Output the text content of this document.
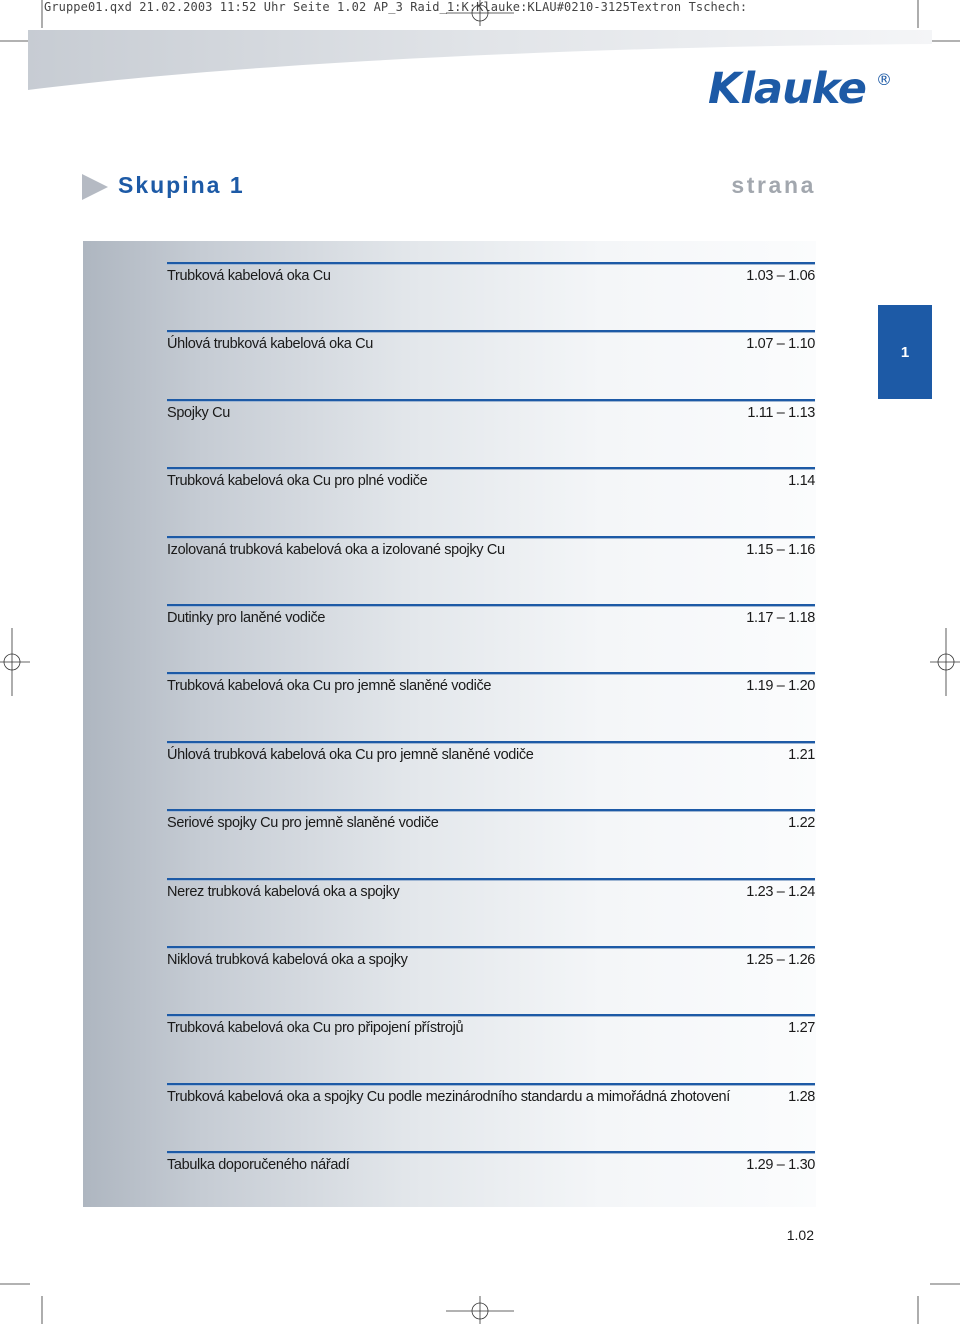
Gruppe01.qxd 21.02.2003 11:52 Uhr Seite 1.02 AP_3 Raid_1:K:Klauke:KLAU#0210-3125Textron Tschech:
Klauke ®
Skupina 1	strana
Trubková kabelová oka Cu	1.03 – 1.06
Úhlová trubková kabelová oka Cu	1.07 – 1.10
Spojky Cu	1.11 – 1.13
Trubková kabelová oka Cu pro plné vodiče	1.14
Izolovaná trubková kabelová oka a izolované spojky Cu	1.15 – 1.16
Dutinky pro laněné vodiče	1.17 – 1.18
Trubková kabelová oka Cu pro jemně slaněné vodiče	1.19 – 1.20
Úhlová trubková kabelová oka Cu pro jemně slaněné vodiče	1.21
Seriové spojky Cu pro jemně slaněné vodiče	1.22
Nerez trubková kabelová oka a spojky	1.23 – 1.24
Niklová trubková kabelová oka a spojky	1.25 – 1.26
Trubková kabelová oka Cu pro připojení přístrojů	1.27
Trubková kabelová oka a spojky Cu podle mezinárodního standardu a mimořádná zhotovení	1.28
Tabulka doporučeného nářadí	1.29 – 1.30
1
1.02
